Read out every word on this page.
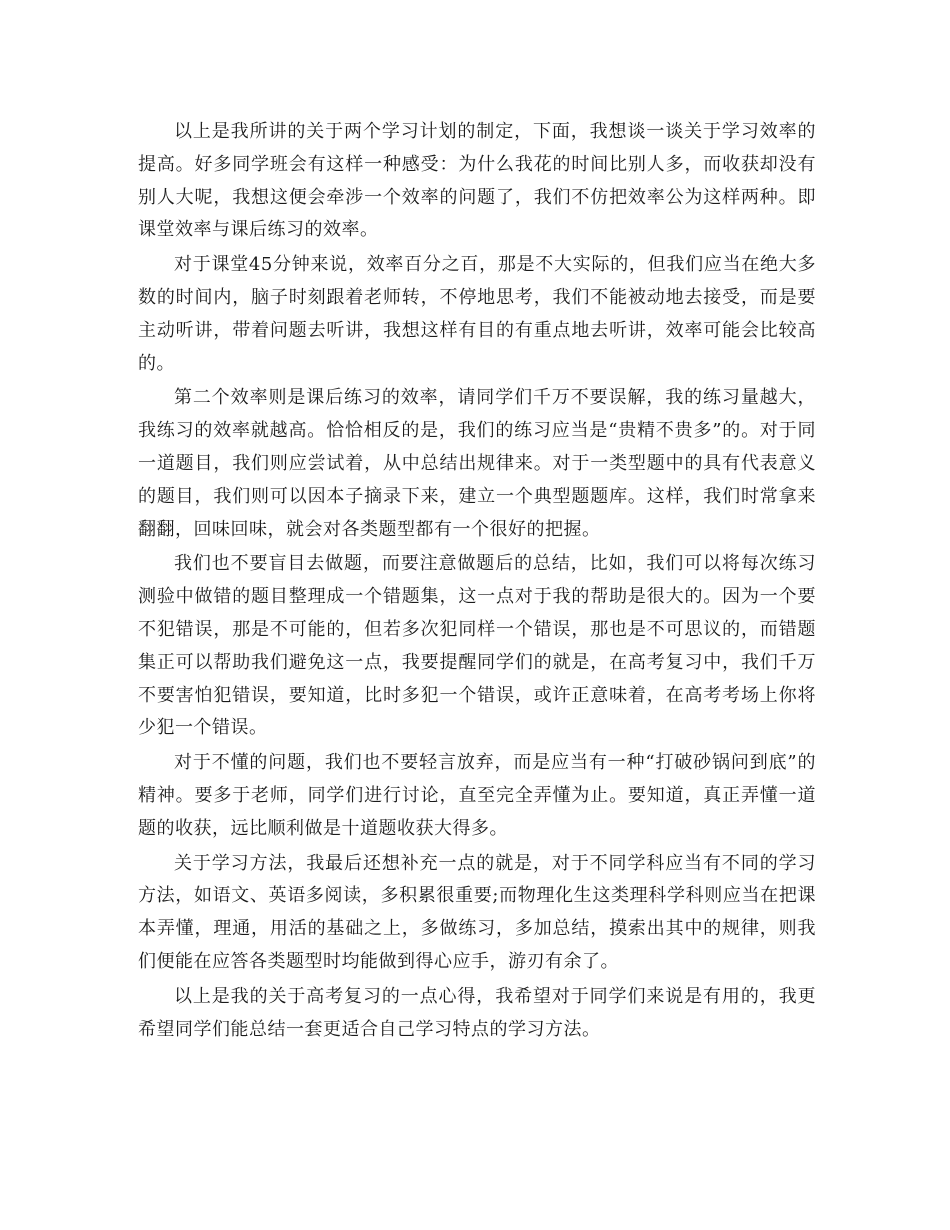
以上是我所讲的关于两个学习计划的制定，下面，我想谈一谈关于学习效率的提高。好多同学班会有这样一种感受：为什么我花的时间比别人多，而收获却没有别人大呢，我想这便会牵涉一个效率的问题了，我们不仿把效率公为这样两种。即课堂效率与课后练习的效率。

对于课堂45分钟来说，效率百分之百，那是不大实际的，但我们应当在绝大多数的时间内，脑子时刻跟着老师转，不停地思考，我们不能被动地去接受，而是要主动听讲，带着问题去听讲，我想这样有目的有重点地去听讲，效率可能会比较高的。

第二个效率则是课后练习的效率，请同学们千万不要误解，我的练习量越大，我练习的效率就越高。恰恰相反的是，我们的练习应当是“贵精不贵多”的。对于同一道题目，我们则应尝试着，从中总结出规律来。对于一类型题中的具有代表意义的题目，我们则可以因本子摘录下来，建立一个典型题题库。这样，我们时常拿来翻翻，回味回味，就会对各类题型都有一个很好的把握。

我们也不要盲目去做题，而要注意做题后的总结，比如，我们可以将每次练习测验中做错的题目整理成一个错题集，这一点对于我的帮助是很大的。因为一个要不犯错误，那是不可能的，但若多次犯同样一个错误，那也是不可思议的，而错题集正可以帮助我们避免这一点，我要提醒同学们的就是，在高考复习中，我们千万不要害怕犯错误，要知道，比时多犯一个错误，或许正意味着，在高考考场上你将少犯一个错误。

对于不懂的问题，我们也不要轻言放弃，而是应当有一种“打破砂锅问到底”的精神。要多于老师，同学们进行讨论，直至完全弄懂为止。要知道，真正弄懂一道题的收获，远比顺利做是十道题收获大得多。

关于学习方法，我最后还想补充一点的就是，对于不同学科应当有不同的学习方法，如语文、英语多阅读，多积累很重要;而物理化生这类理科学科则应当在把课本弄懂，理通，用活的基础之上，多做练习，多加总结，摸索出其中的规律，则我们便能在应答各类题型时均能做到得心应手，游刃有余了。

以上是我的关于高考复习的一点心得，我希望对于同学们来说是有用的，我更希望同学们能总结一套更适合自己学习特点的学习方法。
